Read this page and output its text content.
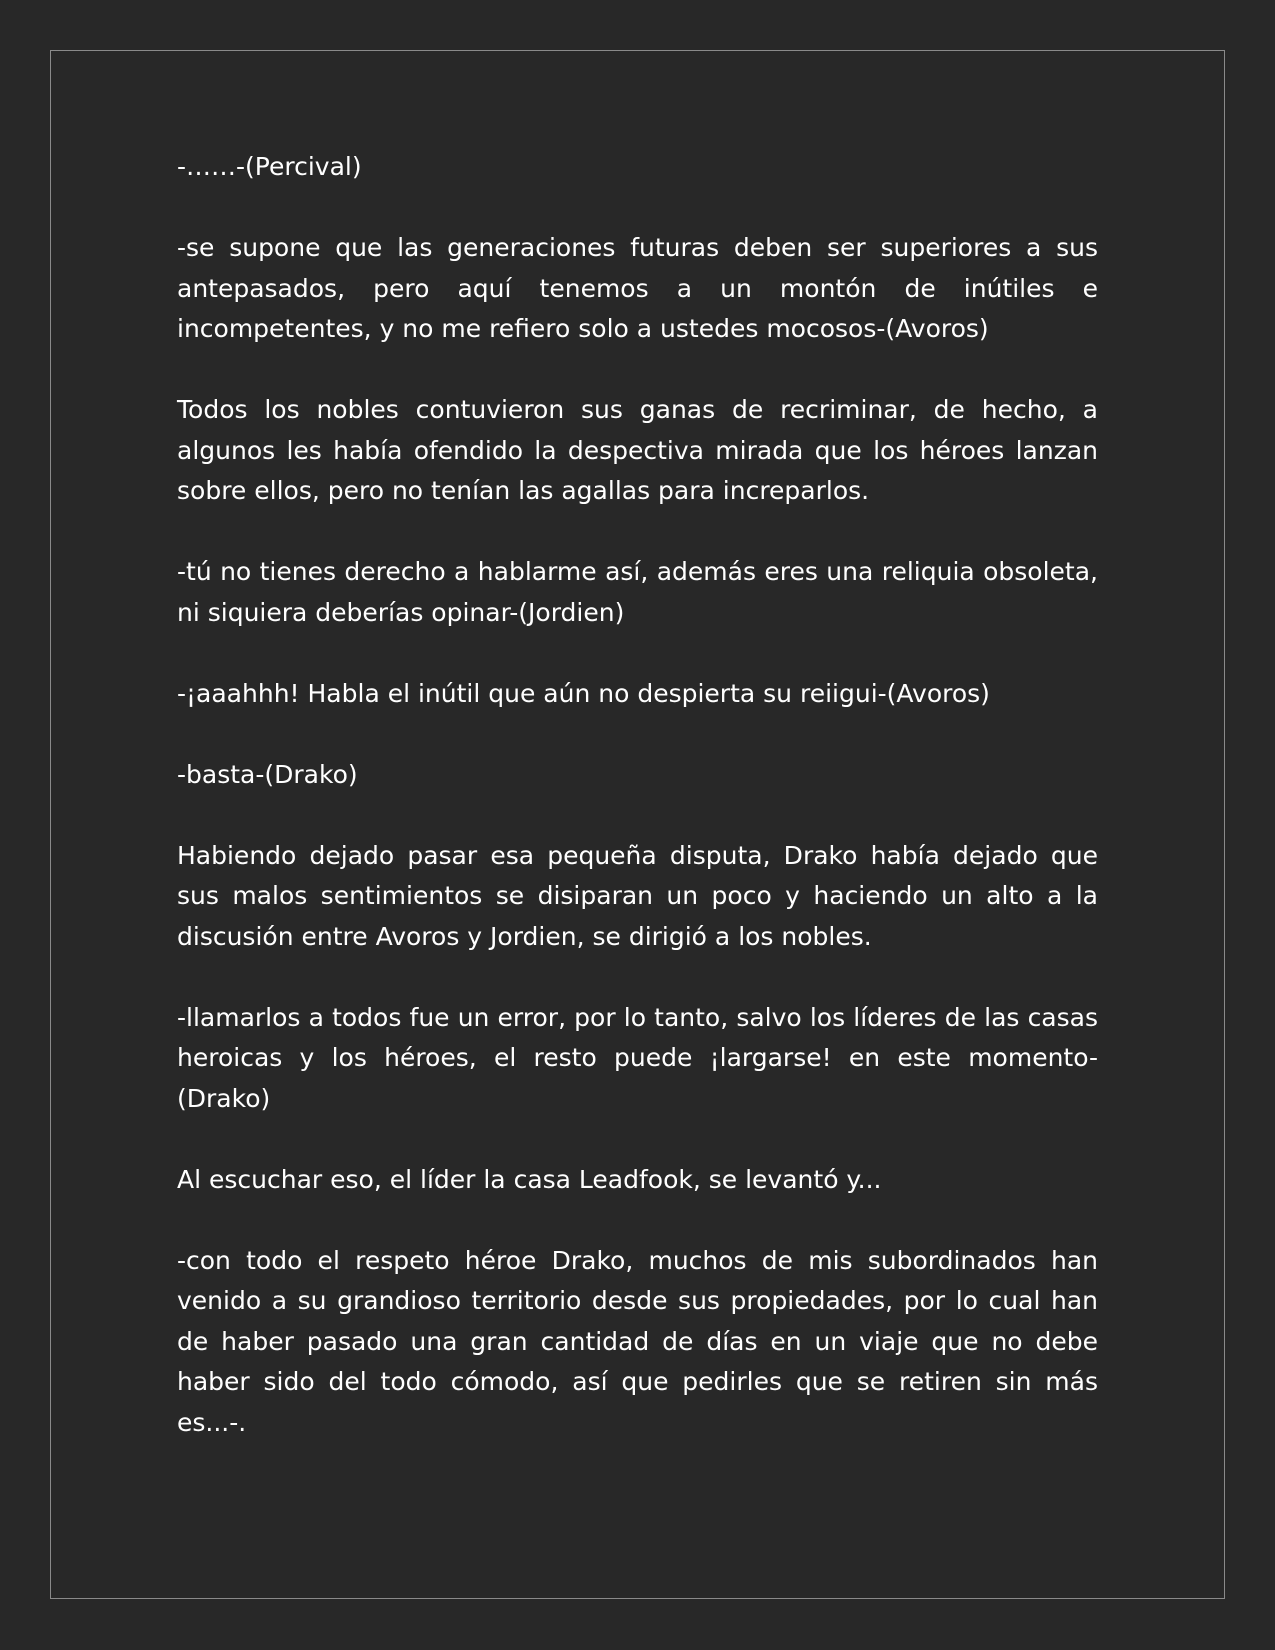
-……-(Percival)

-se supone que las generaciones futuras deben ser superiores a sus antepasados, pero aquí tenemos a un montón de inútiles e incompetentes, y no me refiero solo a ustedes mocosos-(Avoros)

Todos los nobles contuvieron sus ganas de recriminar, de hecho, a algunos les había ofendido la despectiva mirada que los héroes lanzan sobre ellos, pero no tenían las agallas para increparlos.

-tú no tienes derecho a hablarme así, además eres una reliquia obsoleta, ni siquiera deberías opinar-(Jordien)

-¡aaahhh! Habla el inútil que aún no despierta su reiigui-(Avoros)

-basta-(Drako)

Habiendo dejado pasar esa pequeña disputa, Drako había dejado que sus malos sentimientos se disiparan un poco y haciendo un alto a la discusión entre Avoros y Jordien, se dirigió a los nobles.

-llamarlos a todos fue un error, por lo tanto, salvo los líderes de las casas heroicas y los héroes, el resto puede ¡largarse! en este momento-(Drako)

Al escuchar eso, el líder la casa Leadfook, se levantó y...

-con todo el respeto héroe Drako, muchos de mis subordinados han venido a su grandioso territorio desde sus propiedades, por lo cual han de haber pasado una gran cantidad de días en un viaje que no debe haber sido del todo cómodo, así que pedirles que se retiren sin más es...-.
